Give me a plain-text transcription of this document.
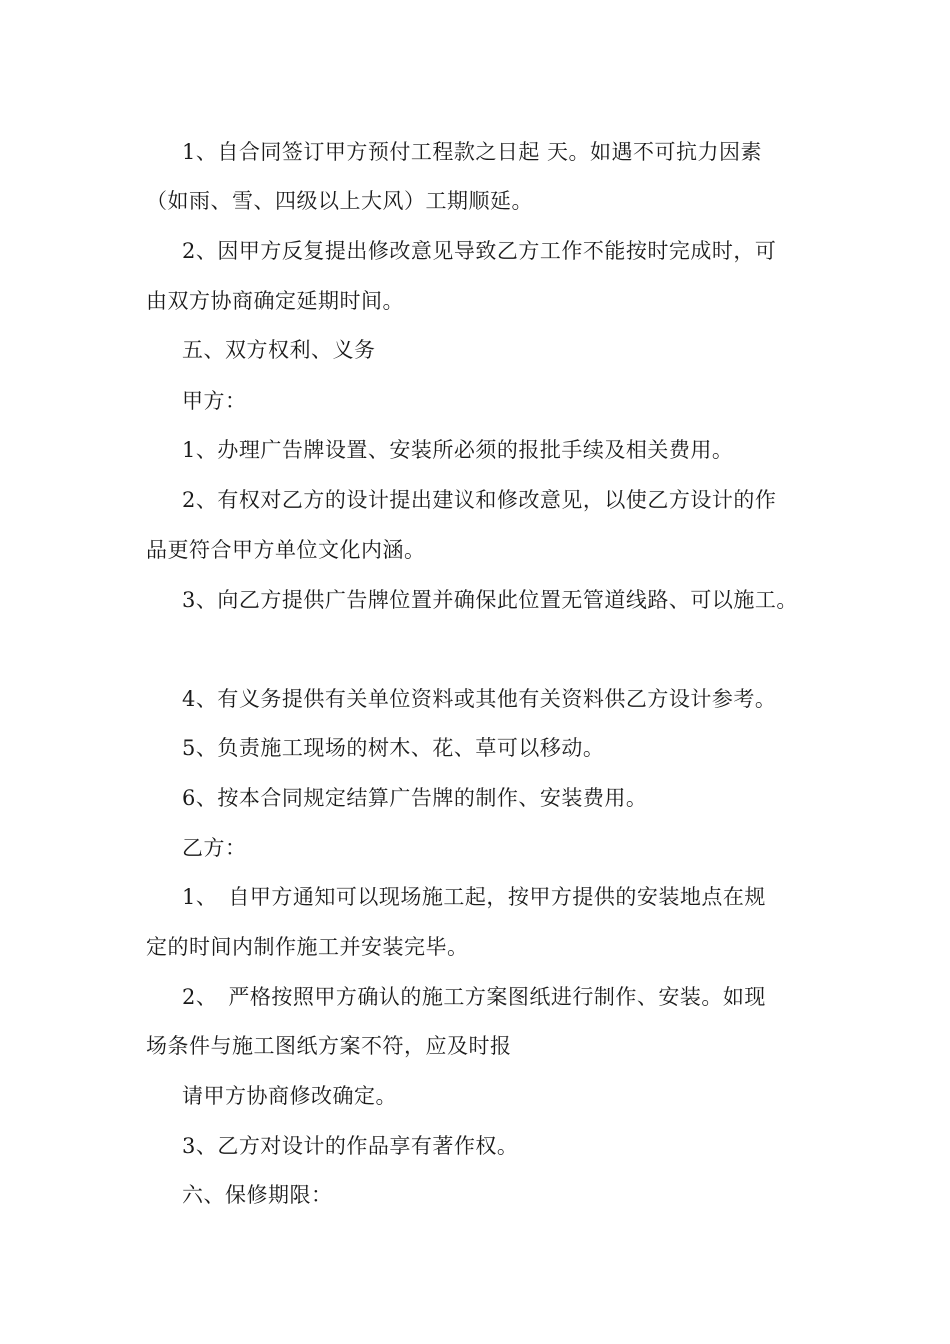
1、自合同签订甲方预付工程款之日起 天。如遇不可抗力因素
（如雨、雪、四级以上大风）工期顺延。
2、因甲方反复提出修改意见导致乙方工作不能按时完成时，可
由双方协商确定延期时间。
五、双方权利、义务
甲方：
1、办理广告牌设置、安装所必须的报批手续及相关费用。
2、有权对乙方的设计提出建议和修改意见，以使乙方设计的作
品更符合甲方单位文化内涵。
3、向乙方提供广告牌位置并确保此位置无管道线路、可以施工。
4、有义务提供有关单位资料或其他有关资料供乙方设计参考。
5、负责施工现场的树木、花、草可以移动。
6、按本合同规定结算广告牌的制作、安装费用。
乙方：
1、　自甲方通知可以现场施工起，按甲方提供的安装地点在规
定的时间内制作施工并安装完毕。
2、　严格按照甲方确认的施工方案图纸进行制作、安装。如现
场条件与施工图纸方案不符，应及时报
请甲方协商修改确定。
3、乙方对设计的作品享有著作权。
六、保修期限：
